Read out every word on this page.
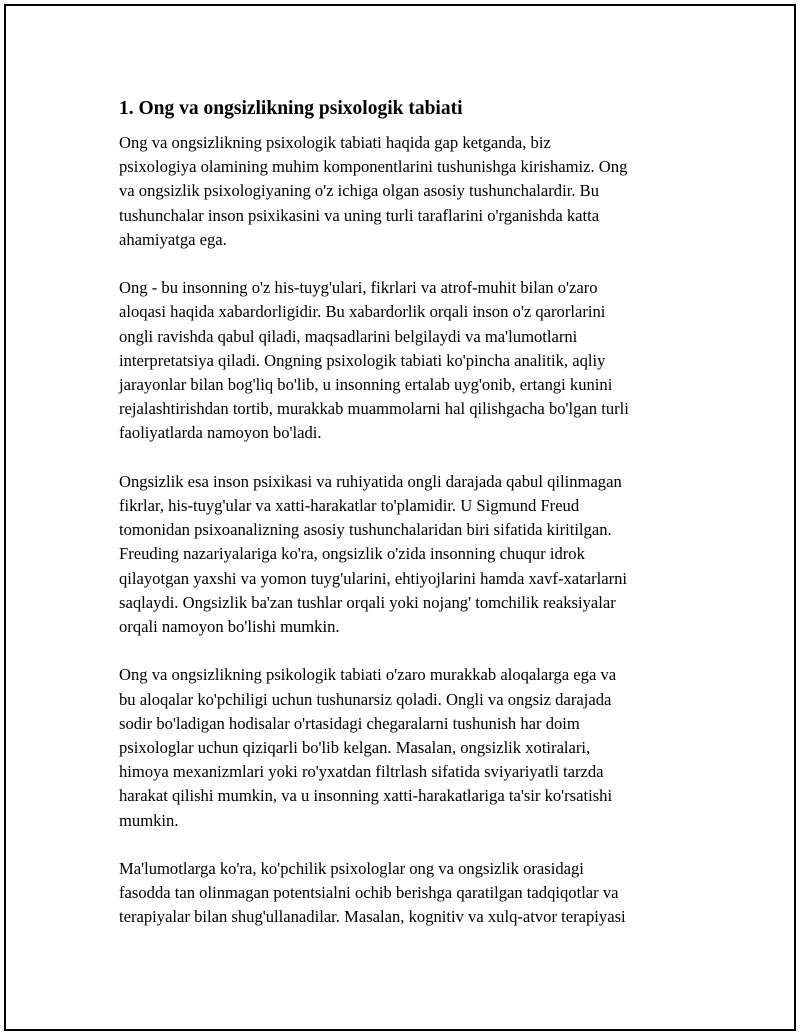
1. Ong va ongsizlikning psixologik tabiati

Ong va ongsizlikning psixologik tabiati haqida gap ketganda, biz
psixologiya olamining muhim komponentlarini tushunishga kirishamiz. Ong
va ongsizlik psixologiyaning o'z ichiga olgan asosiy tushunchalardir. Bu
tushunchalar inson psixikasini va uning turli taraflarini o'rganishda katta
ahamiyatga ega.

Ong - bu insonning o'z his-tuyg'ulari, fikrlari va atrof-muhit bilan o'zaro
aloqasi haqida xabardorligidir. Bu xabardorlik orqali inson o'z qarorlarini
ongli ravishda qabul qiladi, maqsadlarini belgilaydi va ma'lumotlarni
interpretatsiya qiladi. Ongning psixologik tabiati ko'pincha analitik, aqliy
jarayonlar bilan bog'liq bo'lib, u insonning ertalab uyg'onib, ertangi kunini
rejalashtirishdan tortib, murakkab muammolarni hal qilishgacha bo'lgan turli
faoliyatlarda namoyon bo'ladi.

Ongsizlik esa inson psixikasi va ruhiyatida ongli darajada qabul qilinmagan
fikrlar, his-tuyg'ular va xatti-harakatlar to'plamidir. U Sigmund Freud
tomonidan psixoanalizning asosiy tushunchalaridan biri sifatida kiritilgan.
Freuding nazariyalariga ko'ra, ongsizlik o'zida insonning chuqur idrok
qilayotgan yaxshi va yomon tuyg'ularini, ehtiyojlarini hamda xavf-xatarlarni
saqlaydi. Ongsizlik ba'zan tushlar orqali yoki nojang' tomchilik reaksiyalar
orqali namoyon bo'lishi mumkin.

Ong va ongsizlikning psikologik tabiati o'zaro murakkab aloqalarga ega va
bu aloqalar ko'pchiligi uchun tushunarsiz qoladi. Ongli va ongsiz darajada
sodir bo'ladigan hodisalar o'rtasidagi chegaralarni tushunish har doim
psixologlar uchun qiziqarli bo'lib kelgan. Masalan, ongsizlik xotiralari,
himoya mexanizmlari yoki ro'yxatdan filtrlash sifatida sviyariyatli tarzda
harakat qilishi mumkin, va u insonning xatti-harakatlariga ta'sir ko'rsatishi
mumkin.

Ma'lumotlarga ko'ra, ko'pchilik psixologlar ong va ongsizlik orasidagi
fasodda tan olinmagan potentsialni ochib berishga qaratilgan tadqiqotlar va
terapiyalar bilan shug'ullanadilar. Masalan, kognitiv va xulq-atvor terapiyasi
